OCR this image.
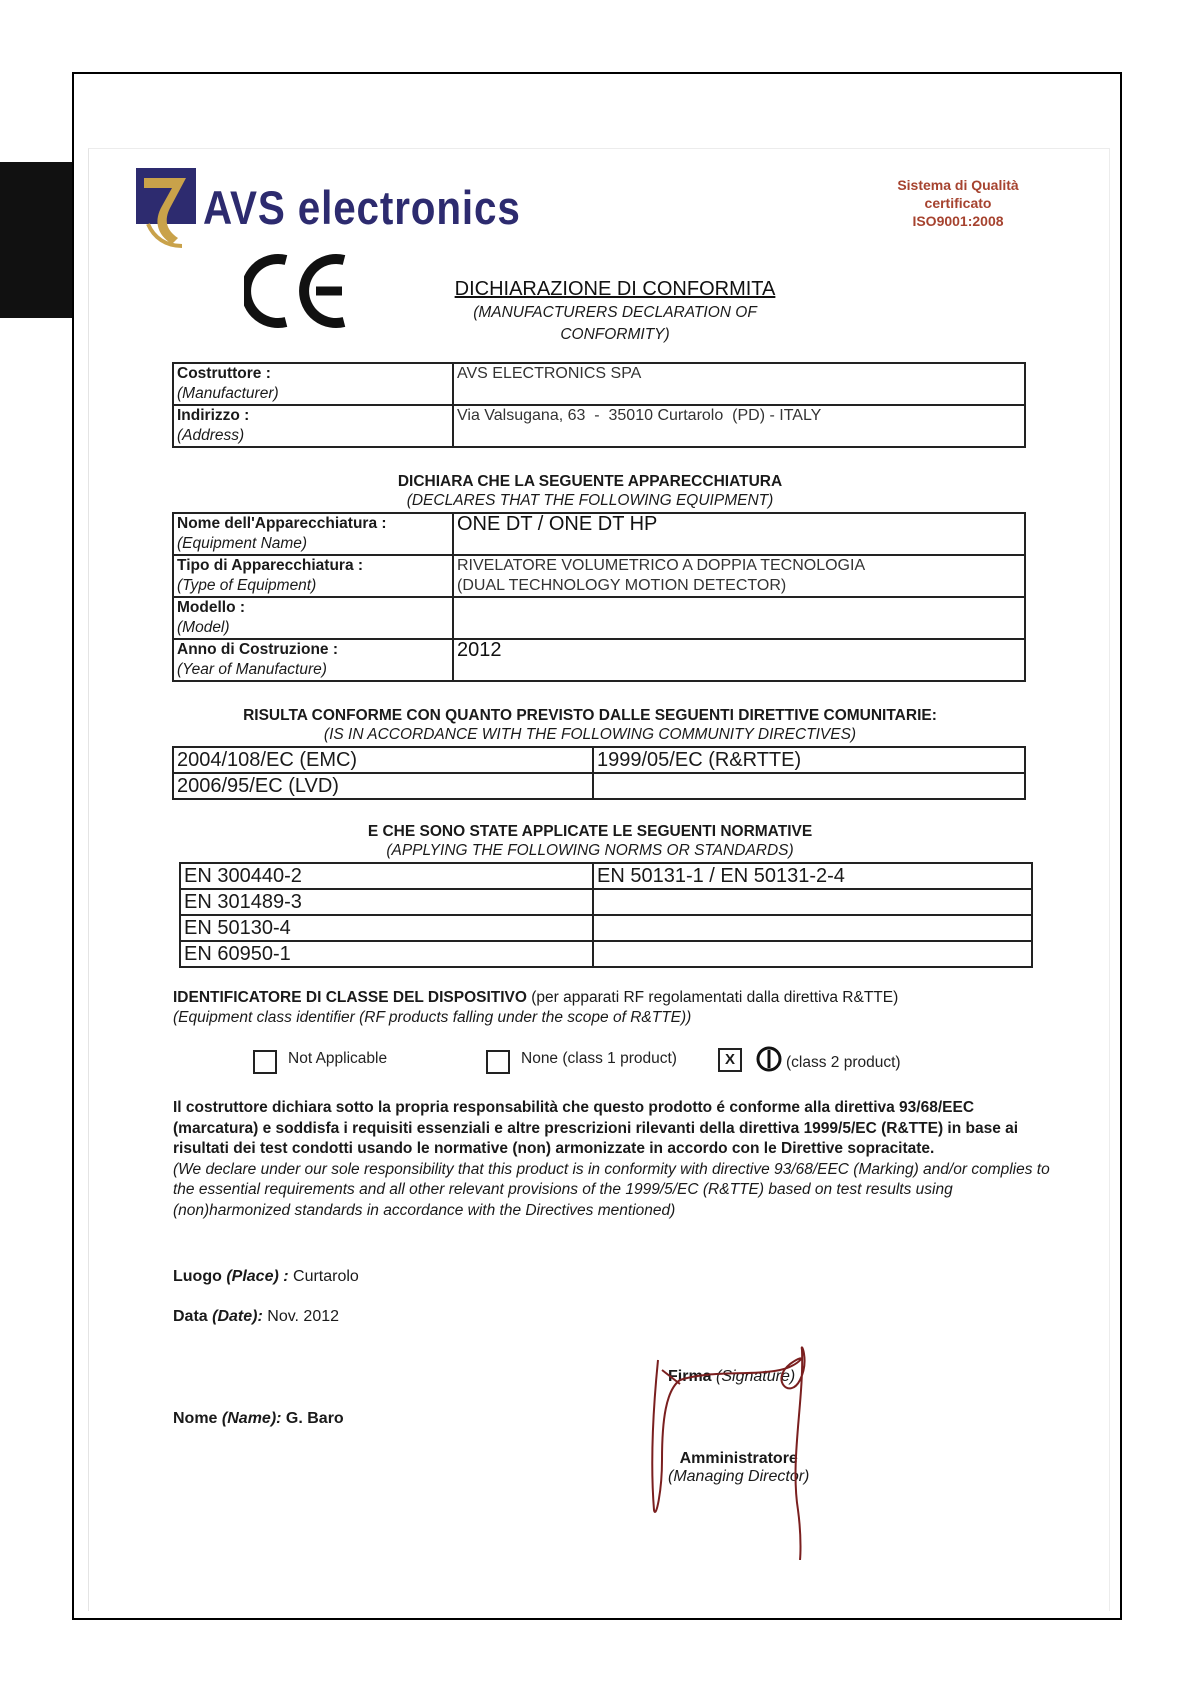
AVS electronics	Sistema di Qualità
certificato
ISO9001:2008
DICHIARAZIONE DI CONFORMITA
(MANUFACTURERS DECLARATION OF
CONFORMITY)
Costruttore :
(Manufacturer)	AVS ELECTRONICS SPA

Indirizzo :
(Address)	Via Valsugana, 63  -  35010 Curtarolo  (PD) - ITALY
DICHIARA CHE LA SEGUENTE APPARECCHIATURA
(DECLARES THAT THE FOLLOWING EQUIPMENT)
Nome dell'Apparecchiatura :
(Equipment Name)	ONE DT / ONE DT HP

Tipo di Apparecchiatura :
(Type of Equipment)	RIVELATORE VOLUMETRICO A DOPPIA TECNOLOGIA
(DUAL TECHNOLOGY MOTION DETECTOR)

Modello :
(Model)	

Anno di Costruzione :
(Year of Manufacture)	2012
RISULTA CONFORME CON QUANTO PREVISTO DALLE SEGUENTI DIRETTIVE COMUNITARIE:
(IS IN ACCORDANCE WITH THE FOLLOWING COMMUNITY DIRECTIVES)
2004/108/EC (EMC)	1999/05/EC (R&RTTE)
2006/95/EC (LVD)	
E CHE SONO STATE APPLICATE LE SEGUENTI NORMATIVE
(APPLYING THE FOLLOWING NORMS OR STANDARDS)
EN 300440-2	EN 50131-1 / EN 50131-2-4
EN 301489-3	
EN 50130-4	
EN 60950-1	
IDENTIFICATORE DI CLASSE DEL DISPOSITIVO (per apparati RF regolamentati dalla direttiva R&TTE)
(Equipment class identifier (RF products falling under the scope of R&TTE))
Not Applicable	None (class 1 product)	X	(class 2 product)
Il costruttore dichiara sotto la propria responsabilità che questo prodotto é conforme alla direttiva 93/68/EEC (marcatura) e soddisfa i requisiti essenziali e altre prescrizioni rilevanti della direttiva 1999/5/EC (R&TTE) in base ai risultati dei test condotti usando le normative (non) armonizzate in accordo con le Direttive sopracitate.
(We declare under our sole responsibility that this product is in conformity with directive 93/68/EEC (Marking) and/or complies to the essential requirements and all other relevant provisions of the 1999/5/EC (R&TTE) based on test results using (non)harmonized standards in accordance with the Directives mentioned)
Luogo (Place) : Curtarolo
Data (Date): Nov. 2012
Nome (Name): G. Baro
Firma (Signature)
Amministratore
(Managing Director)
